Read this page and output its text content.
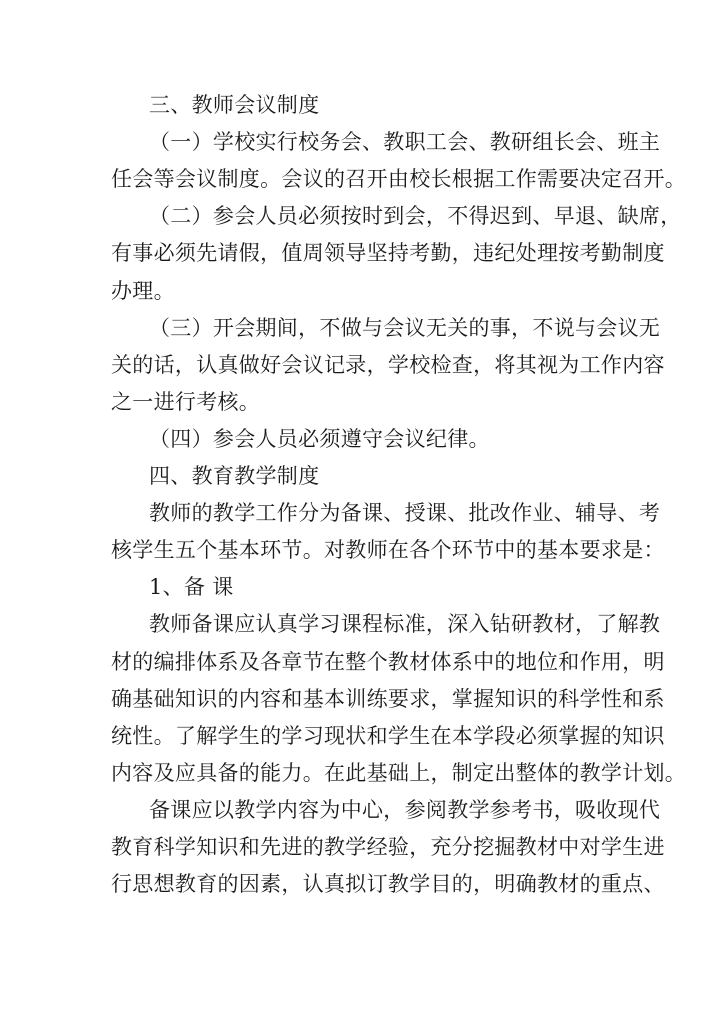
三、教师会议制度
（一）学校实行校务会、教职工会、教研组长会、班主
任会等会议制度。会议的召开由校长根据工作需要决定召开。
（二）参会人员必须按时到会，不得迟到、早退、缺席，
有事必须先请假，值周领导坚持考勤，违纪处理按考勤制度
办理。
（三）开会期间，不做与会议无关的事，不说与会议无
关的话，认真做好会议记录，学校检查，将其视为工作内容
之一进行考核。
（四）参会人员必须遵守会议纪律。
四、教育教学制度
教师的教学工作分为备课、授课、批改作业、辅导、考
核学生五个基本环节。对教师在各个环节中的基本要求是：
1、备 课
教师备课应认真学习课程标准，深入钻研教材，了解教
材的编排体系及各章节在整个教材体系中的地位和作用，明
确基础知识的内容和基本训练要求，掌握知识的科学性和系
统性。了解学生的学习现状和学生在本学段必须掌握的知识
内容及应具备的能力。在此基础上，制定出整体的教学计划。
备课应以教学内容为中心，参阅教学参考书，吸收现代
教育科学知识和先进的教学经验，充分挖掘教材中对学生进
行思想教育的因素，认真拟订教学目的，明确教材的重点、
